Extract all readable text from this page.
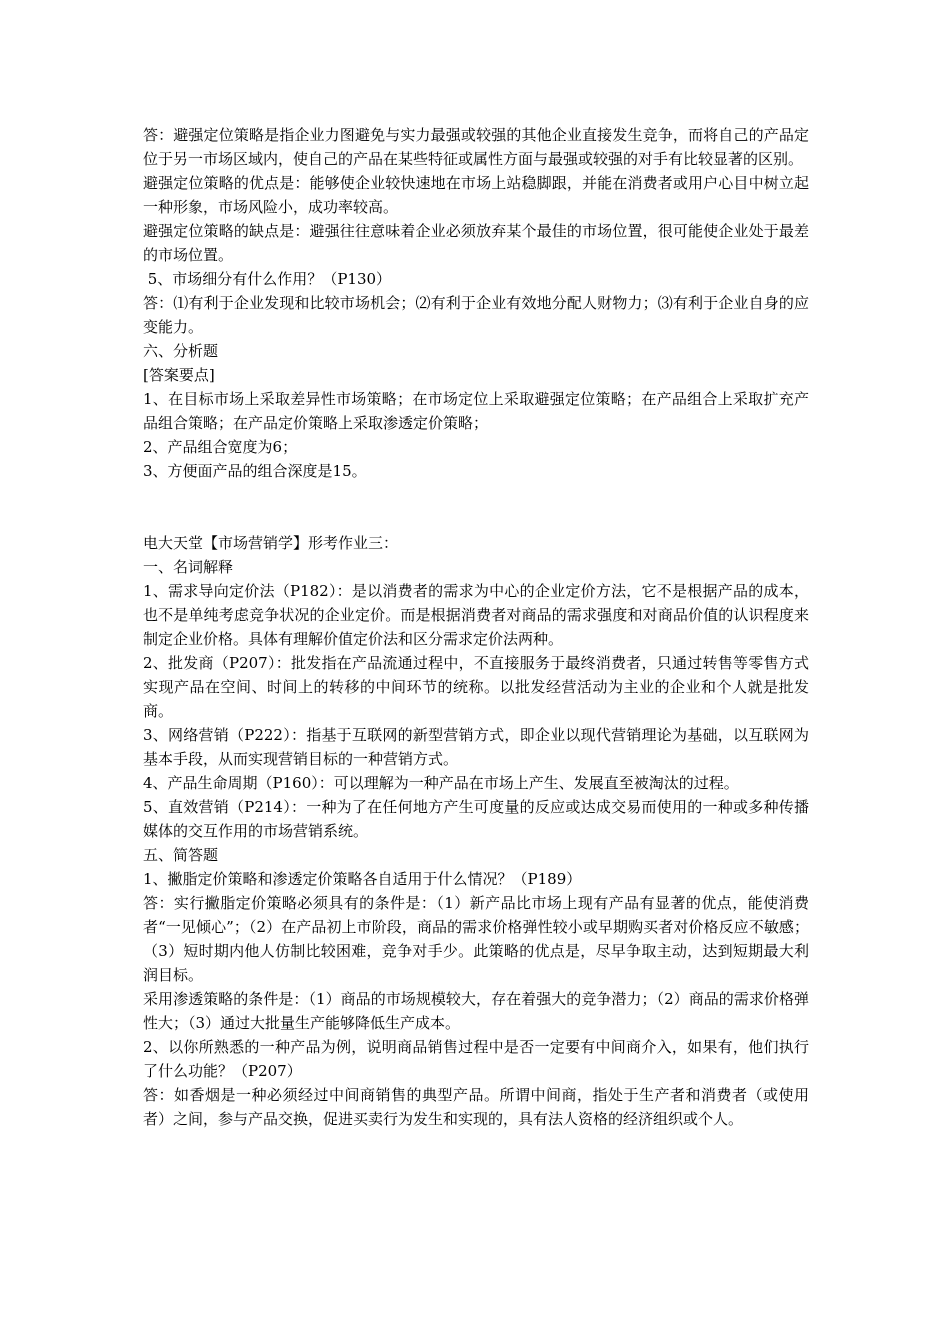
答：避强定位策略是指企业力图避免与实力最强或较强的其他企业直接发生竞争，而将自己的产品定位于另一市场区域内，使自己的产品在某些特征或属性方面与最强或较强的对手有比较显著的区别。

避强定位策略的优点是：能够使企业较快速地在市场上站稳脚跟，并能在消费者或用户心目中树立起一种形象，市场风险小，成功率较高。

避强定位策略的缺点是：避强往往意味着企业必须放弃某个最佳的市场位置，很可能使企业处于最差的市场位置。

5、市场细分有什么作用？（P130）

答：⑴有利于企业发现和比较市场机会；⑵有利于企业有效地分配人财物力；⑶有利于企业自身的应变能力。

六、分析题

[答案要点]

1、在目标市场上采取差异性市场策略；在市场定位上采取避强定位策略；在产品组合上采取扩充产品组合策略；在产品定价策略上采取渗透定价策略；

2、产品组合宽度为6；

3、方便面产品的组合深度是15。

电大天堂【市场营销学】形考作业三：

一、名词解释

1、需求导向定价法（P182）：是以消费者的需求为中心的企业定价方法，它不是根据产品的成本，也不是单纯考虑竞争状况的企业定价。而是根据消费者对商品的需求强度和对商品价值的认识程度来制定企业价格。具体有理解价值定价法和区分需求定价法两种。

2、批发商（P207）：批发指在产品流通过程中，不直接服务于最终消费者，只通过转售等零售方式实现产品在空间、时间上的转移的中间环节的统称。以批发经营活动为主业的企业和个人就是批发商。

3、网络营销（P222）：指基于互联网的新型营销方式，即企业以现代营销理论为基础，以互联网为基本手段，从而实现营销目标的一种营销方式。

4、产品生命周期（P160）：可以理解为一种产品在市场上产生、发展直至被淘汰的过程。

5、直效营销（P214）：一种为了在任何地方产生可度量的反应或达成交易而使用的一种或多种传播媒体的交互作用的市场营销系统。

五、简答题

1、撇脂定价策略和渗透定价策略各自适用于什么情况？（P189）

答：实行撇脂定价策略必须具有的条件是：（1）新产品比市场上现有产品有显著的优点，能使消费者“一见倾心”；（2）在产品初上市阶段，商品的需求价格弹性较小或早期购买者对价格反应不敏感；（3）短时期内他人仿制比较困难，竞争对手少。此策略的优点是，尽早争取主动，达到短期最大利润目标。

采用渗透策略的条件是：（1）商品的市场规模较大，存在着强大的竞争潜力；（2）商品的需求价格弹性大；（3）通过大批量生产能够降低生产成本。

2、以你所熟悉的一种产品为例，说明商品销售过程中是否一定要有中间商介入，如果有，他们执行了什么功能？（P207）

答：如香烟是一种必须经过中间商销售的典型产品。所谓中间商，指处于生产者和消费者（或使用者）之间，参与产品交换，促进买卖行为发生和实现的，具有法人资格的经济组织或个人。
